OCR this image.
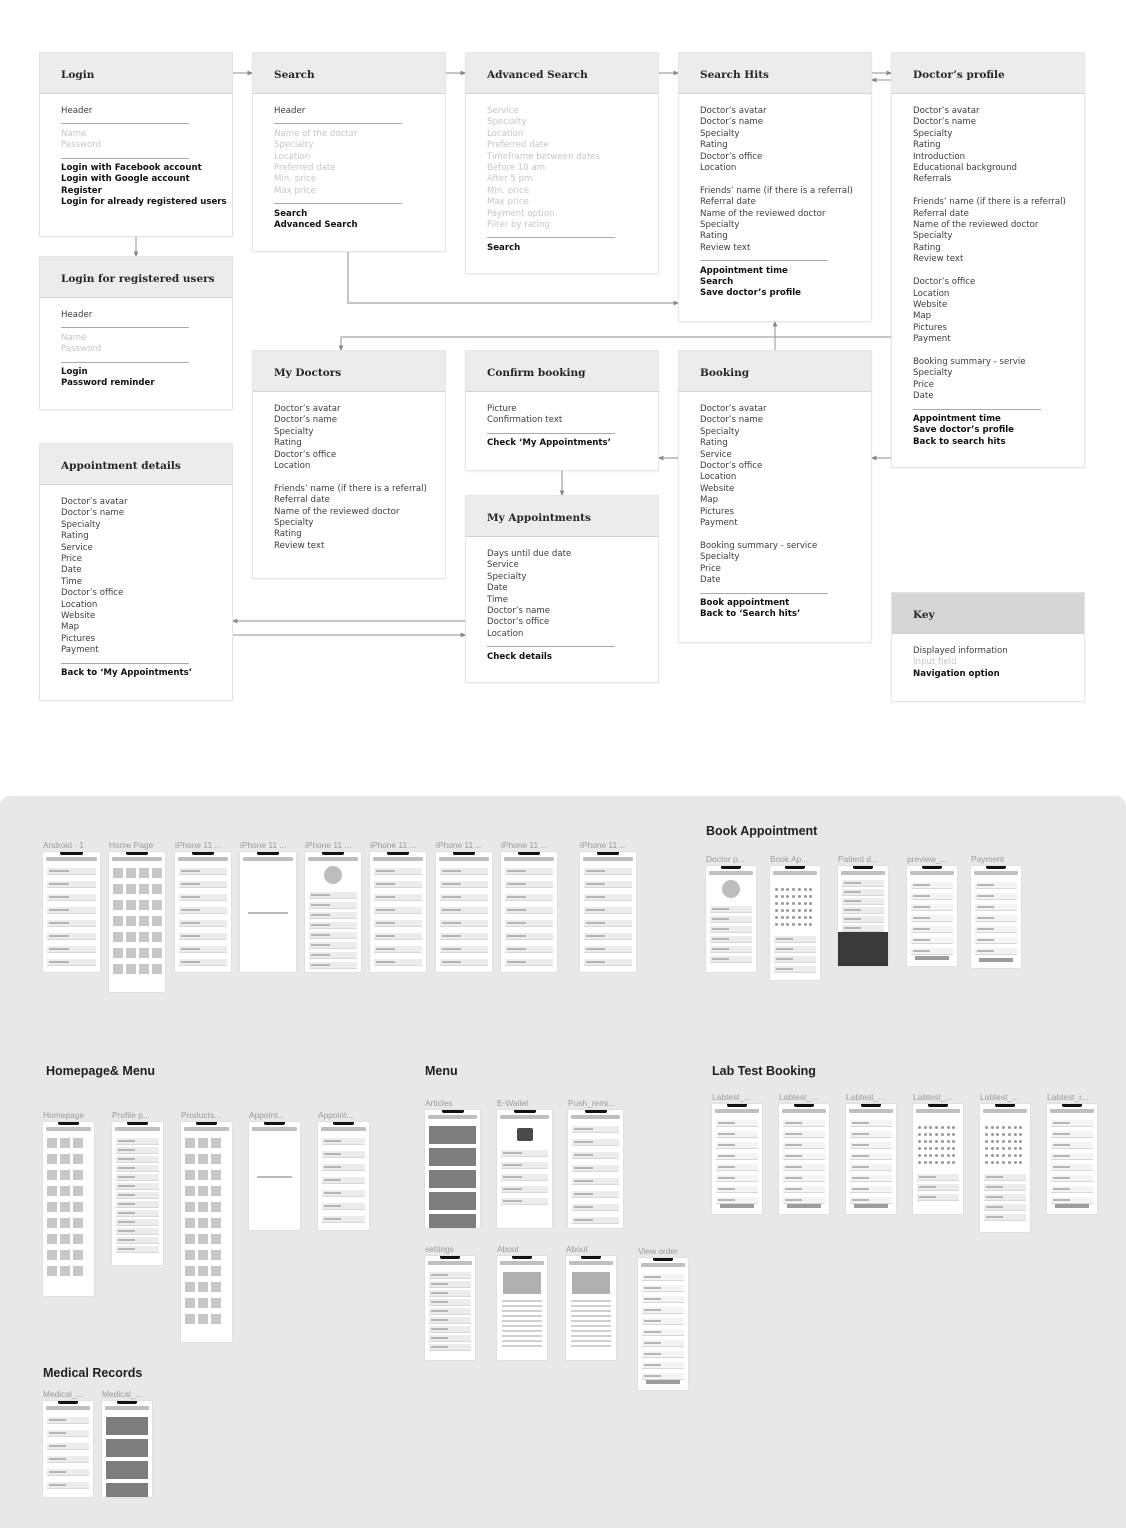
Login
Header
Name
Password
Login with Facebook account
Login with Google account
Register
Login for already registered users
Search
Header
Name of the doctor
Specialty
Location
Preferred date
Min. price
Max price
Search
Advanced Search
Advanced Search
Service
Specialty
Location
Preferred date
Timeframe between dates
Before 10 am
After 5 pm
Min. price
Max price
Payment option
Filter by rating
Search
Search Hits
Doctor’s avatar
Doctor’s name
Specialty
Rating
Doctor’s office
Location

Friends’ name (if there is a referral)
Referral date
Name of the reviewed doctor
Specialty
Rating
Review text
Appointment time
Search
Save doctor’s profile
Doctor’s profile
Doctor’s avatar
Doctor’s name
Specialty
Rating
Introduction
Educational background
Referrals

Friends’ name (if there is a referral)
Referral date
Name of the reviewed doctor
Specialty
Rating
Review text

Doctor’s office
Location
Website
Map
Pictures
Payment

Booking summary - servie
Specialty
Price
Date
Appointment time
Save doctor’s profile
Back to search hits
Login for registered users
Header
Name
Password
Login
Password reminder
My Doctors
Doctor’s avatar
Doctor’s name
Specialty
Rating
Doctor’s office
Location

Friends’ name (if there is a referral)
Referral date
Name of the reviewed doctor
Specialty
Rating
Review text
Confirm booking
Picture
Confirmation text
Check ‘My Appointments’
Booking
Doctor’s avatar
Doctor’s name
Specialty
Rating
Service
Doctor’s office
Location
Website
Map
Pictures
Payment

Booking summary - service
Specialty
Price
Date
Book appointment
Back to ‘Search hits’
Appointment details
Doctor’s avatar
Doctor’s name
Specialty
Rating
Service
Price
Date
Time
Doctor’s office
Location
Website
Map
Pictures
Payment
Back to ‘My Appointments’
My Appointments
Days until due date
Service
Specialty
Date
Time
Doctor’s name
Doctor’s office
Location
Check details
Key
Displayed information
Input field
Navigation option
Book Appointment
Homepage& Menu	Menu	Lab Test Booking
Medical Records
Android - 1	Home Page	iPhone 11 ... iPhone 11 ... iPhone 11 ... iPhone 11 ... iPhone 11 ... iPhone 11 ...	iPhone 11 ...
Doctor p...	Book Ap...	Patient d...	preview_...	Payment
Homepage	Profile p...	Products...	Appoint...	Appoint...
Articles	E-Wallet	Push_remi...
settings	About	About	View order
Labtest_...	Labtest_...	Labtest_...	Labtest_...	Labtest_...	Labtest_r...
Medical_... Medical_...
